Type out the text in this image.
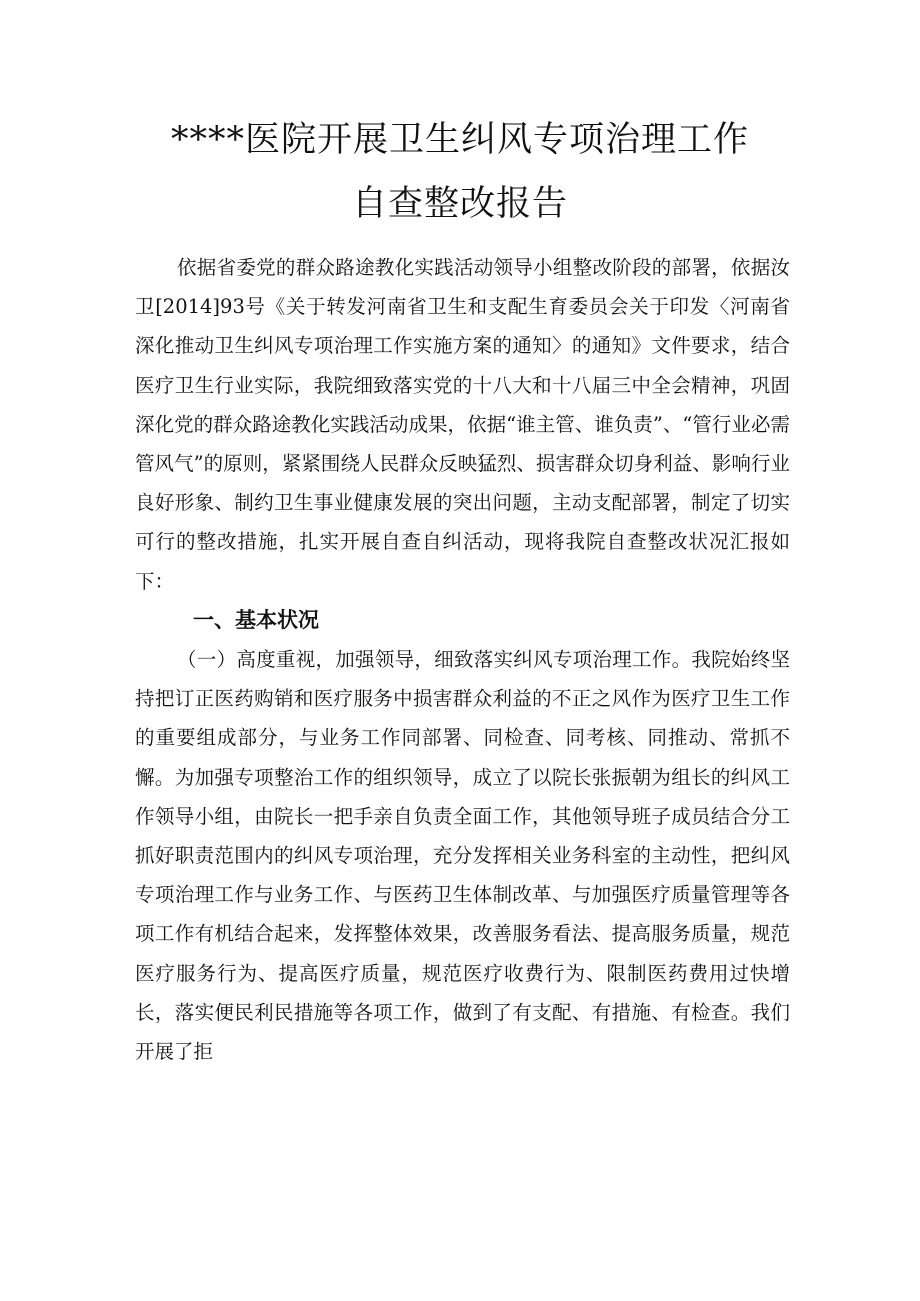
****医院开展卫生纠风专项治理工作
自查整改报告

依据省委党的群众路途教化实践活动领导小组整改阶段的部署，依据汝卫[2014]93号《关于转发河南省卫生和支配生育委员会关于印发〈河南省深化推动卫生纠风专项治理工作实施方案的通知〉的通知》文件要求，结合医疗卫生行业实际，我院细致落实党的十八大和十八届三中全会精神，巩固深化党的群众路途教化实践活动成果，依据“谁主管、谁负责”、“管行业必需管风气”的原则，紧紧围绕人民群众反映猛烈、损害群众切身利益、影响行业良好形象、制约卫生事业健康发展的突出问题，主动支配部署，制定了切实可行的整改措施，扎实开展自查自纠活动，现将我院自查整改状况汇报如下：

一、基本状况

（一）高度重视，加强领导，细致落实纠风专项治理工作。我院始终坚持把订正医药购销和医疗服务中损害群众利益的不正之风作为医疗卫生工作的重要组成部分，与业务工作同部署、同检查、同考核、同推动、常抓不懈。为加强专项整治工作的组织领导，成立了以院长张振朝为组长的纠风工作领导小组，由院长一把手亲自负责全面工作，其他领导班子成员结合分工抓好职责范围内的纠风专项治理，充分发挥相关业务科室的主动性，把纠风专项治理工作与业务工作、与医药卫生体制改革、与加强医疗质量管理等各项工作有机结合起来，发挥整体效果，改善服务看法、提高服务质量，规范医疗服务行为、提高医疗质量，规范医疗收费行为、限制医药费用过快增长，落实便民利民措施等各项工作，做到了有支配、有措施、有检查。我们开展了拒
